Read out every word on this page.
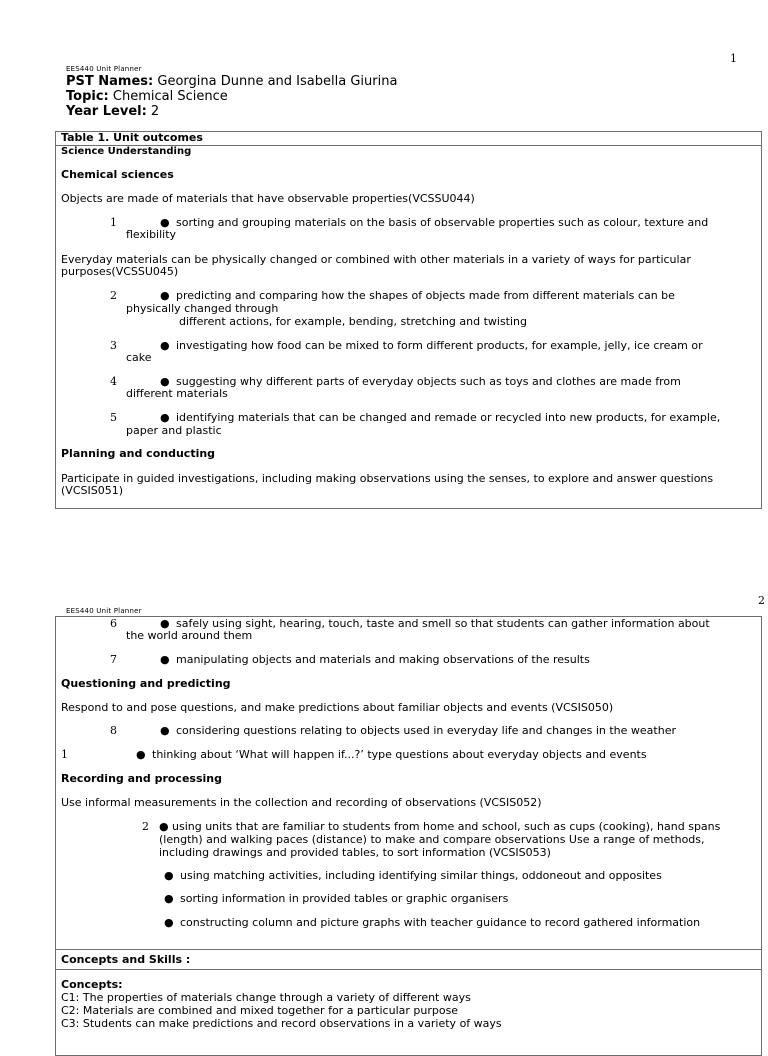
1
EES440 Unit Planner
PST Names: Georgina Dunne and Isabella Giurina
Topic: Chemical Science
Year Level: 2
Table 1. Unit outcomes
Science Understanding
Chemical sciences
Objects are made of materials that have observable properties(VCSSU044)
1	● sorting and grouping materials on the basis of observable properties such as colour, texture and
flexibility
Everyday materials can be physically changed or combined with other materials in a variety of ways for particular
purposes(VCSSU045)
2	● predicting and comparing how the shapes of objects made from different materials can be
physically changed through
different actions, for example, bending, stretching and twisting
3	● investigating how food can be mixed to form different products, for example, jelly, ice cream or
cake
4	● suggesting why different parts of everyday objects such as toys and clothes are made from
different materials
5	● identifying materials that can be changed and remade or recycled into new products, for example,
paper and plastic
Planning and conducting
Participate in guided investigations, including making observations using the senses, to explore and answer questions
(VCSIS051)
2
EES440 Unit Planner
6	● safely using sight, hearing, touch, taste and smell so that students can gather information about
the world around them
7	● manipulating objects and materials and making observations of the results
Questioning and predicting
Respond to and pose questions, and make predictions about familiar objects and events (VCSIS050)
8	● considering questions relating to objects used in everyday life and changes in the weather
1	● thinking about ‘What will happen if...?’ type questions about everyday objects and events
Recording and processing
Use informal measurements in the collection and recording of observations (VCSIS052)
2 ● using units that are familiar to students from home and school, such as cups (cooking), hand spans
(length) and walking paces (distance) to make and compare observations Use a range of methods,
including drawings and provided tables, to sort information (VCSIS053)
● using matching activities, including identifying similar things, oddoneout and opposites
● sorting information in provided tables or graphic organisers
● constructing column and picture graphs with teacher guidance to record gathered information
Concepts and Skills :
Concepts:
C1: The properties of materials change through a variety of different ways
C2: Materials are combined and mixed together for a particular purpose
C3: Students can make predictions and record observations in a variety of ways
